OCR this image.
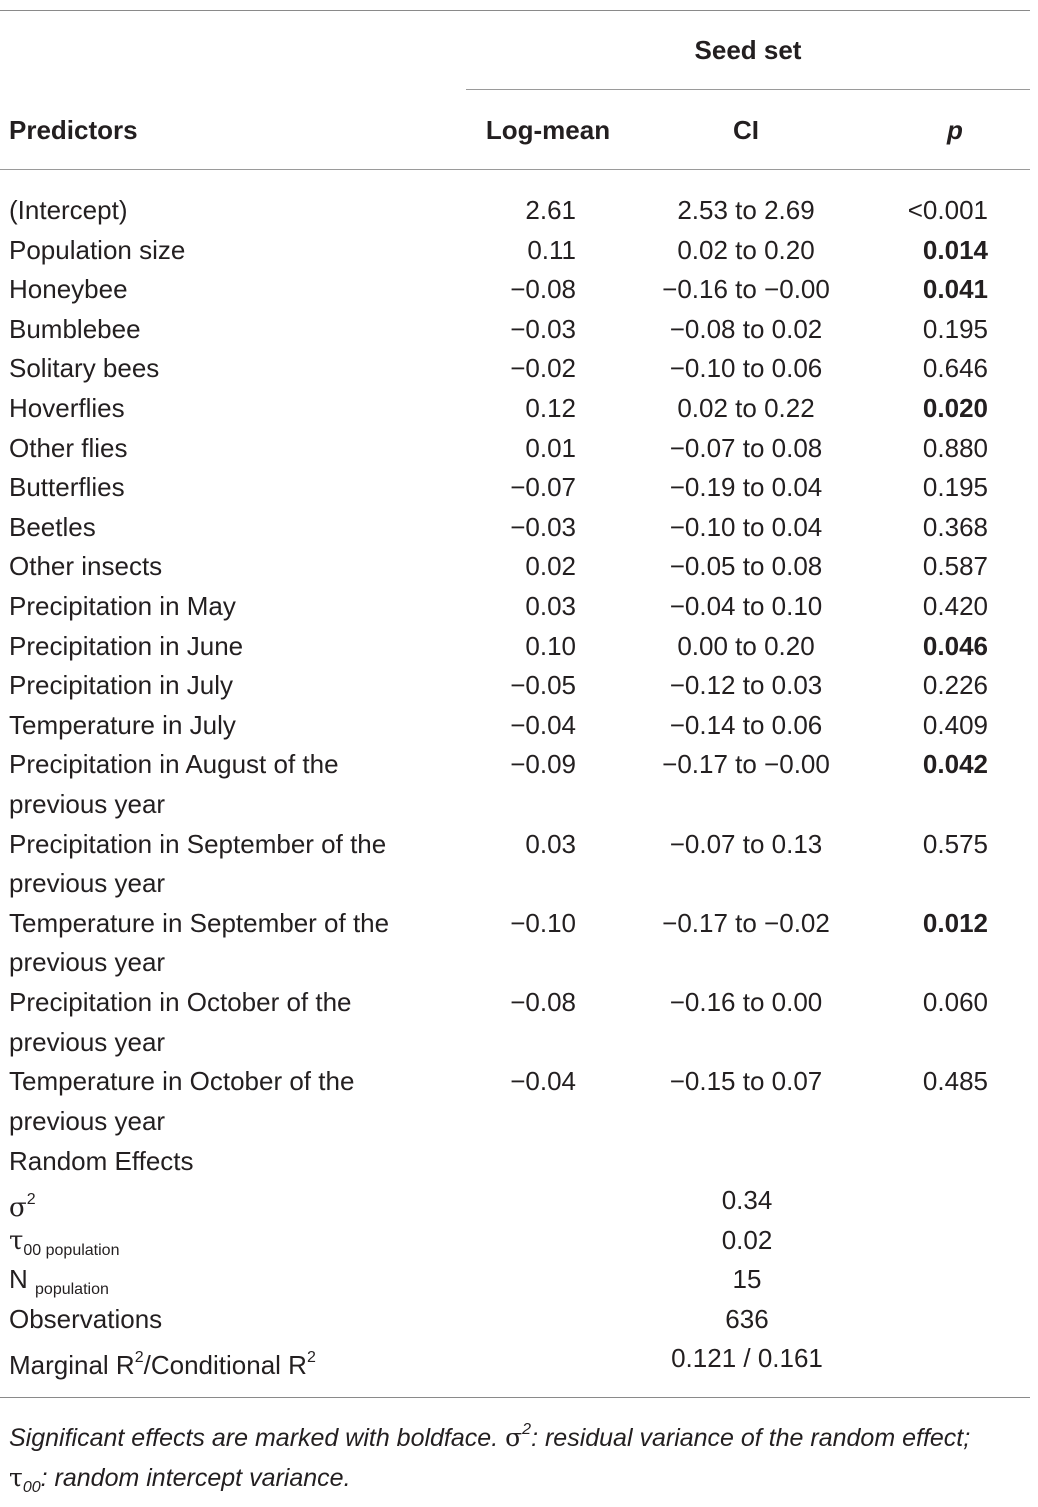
Seed set
Predictors	Log-mean	CI	p
(Intercept)	2.61	2.53 to 2.69	<0.001
Population size	0.11	0.02 to 0.20	0.014
Honeybee	−0.08	−0.16 to −0.00	0.041
Bumblebee	−0.03	−0.08 to 0.02	0.195
Solitary bees	−0.02	−0.10 to 0.06	0.646
Hoverflies	0.12	0.02 to 0.22	0.020
Other flies	0.01	−0.07 to 0.08	0.880
Butterflies	−0.07	−0.19 to 0.04	0.195
Beetles	−0.03	−0.10 to 0.04	0.368
Other insects	0.02	−0.05 to 0.08	0.587
Precipitation in May	0.03	−0.04 to 0.10	0.420
Precipitation in June	0.10	0.00 to 0.20	0.046
Precipitation in July	−0.05	−0.12 to 0.03	0.226
Temperature in July	−0.04	−0.14 to 0.06	0.409
Precipitation in August of the	−0.09	−0.17 to −0.00	0.042
previous year
Precipitation in September of the	0.03	−0.07 to 0.13	0.575
previous year
Temperature in September of the	−0.10	−0.17 to −0.02	0.012
previous year
Precipitation in October of the	−0.08	−0.16 to 0.00	0.060
previous year
Temperature in October of the	−0.04	−0.15 to 0.07	0.485
previous year
Random Effects
$\sigma^2$	0.34
$\tau_{00 population}$	0.02
N $_{population}$	15
Observations	636
Marginal $R^2$/Conditional $R^2$	0.121 / 0.161
Significant effects are marked with boldface. $\sigma^2$: residual variance of the random effect;
$\tau_{00}$: random intercept variance.
